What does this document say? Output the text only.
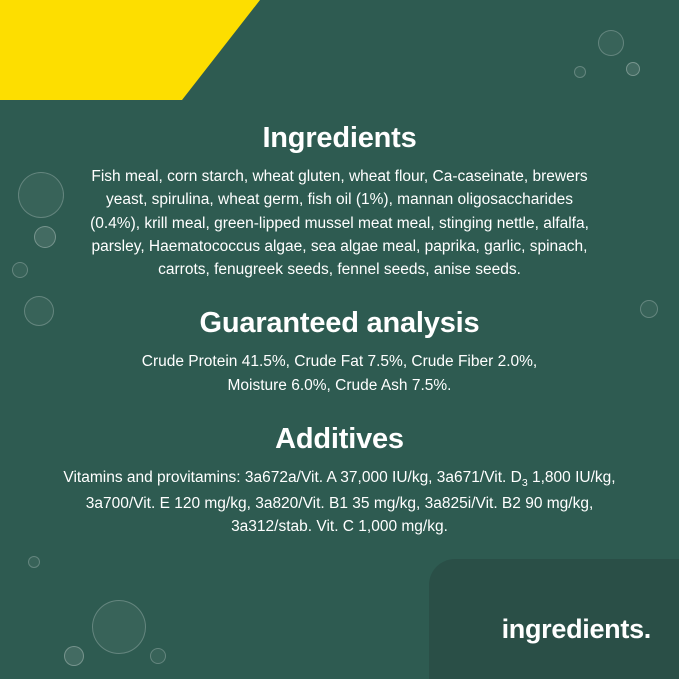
Ingredients

Fish meal, corn starch, wheat gluten, wheat flour, Ca-caseinate, brewers yeast, spirulina, wheat germ, fish oil (1%), mannan oligosaccharides (0.4%), krill meal, green-lipped mussel meat meal, stinging nettle, alfalfa, parsley, Haematococcus algae, sea algae meal, paprika, garlic, spinach, carrots, fenugreek seeds, fennel seeds, anise seeds.

Guaranteed analysis

Crude Protein 41.5%, Crude Fat 7.5%, Crude Fiber 2.0%, Moisture 6.0%, Crude Ash 7.5%.

Additives

Vitamins and provitamins: 3a672a/Vit. A 37,000 IU/kg, 3a671/Vit. $D_3$ 1,800 IU/kg, 3a700/Vit. E 120 mg/kg, 3a820/Vit. B1 35 mg/kg, 3a825i/Vit. B2 90 mg/kg, 3a312/stab. Vit. C 1,000 mg/kg.

ingredients.
